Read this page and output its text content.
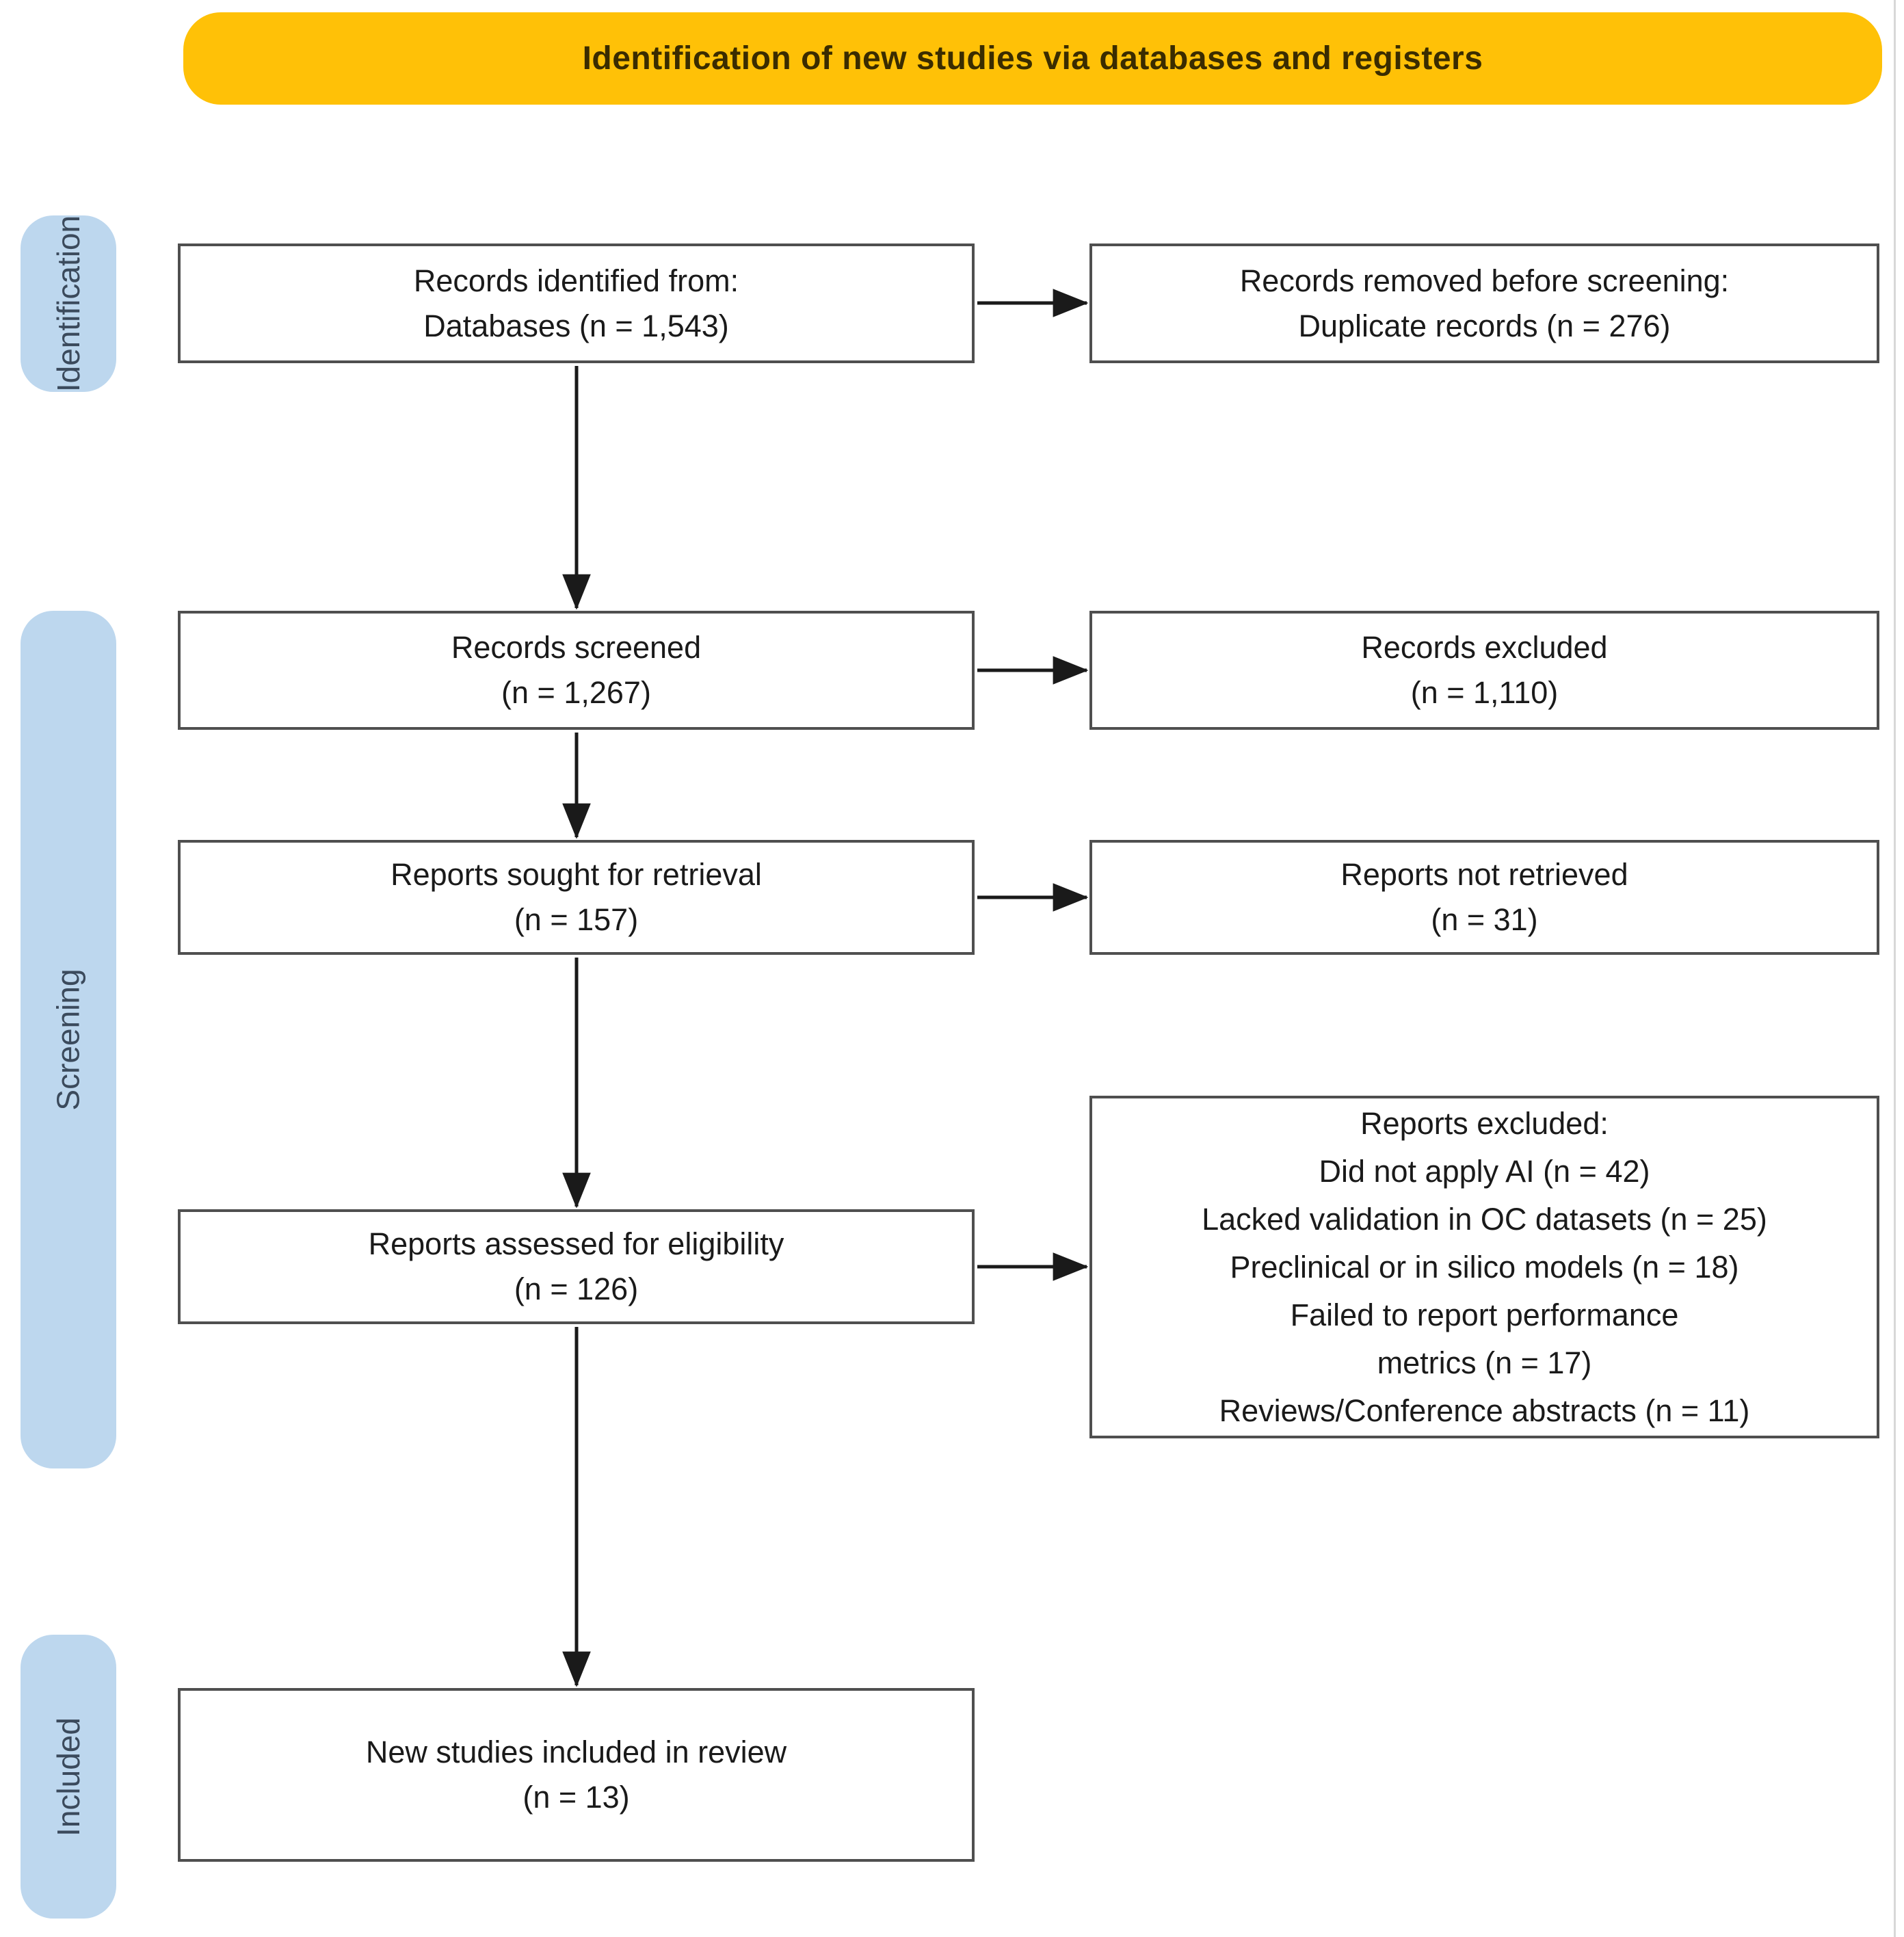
Identification of new studies via databases and registers
Identification
Screening
Included
Records identified from:
Databases (n = 1,543)
Records screened
(n = 1,267)
Reports sought for retrieval
(n = 157)
Reports assessed for eligibility
(n = 126)
New studies included in review
(n = 13)
Records removed before screening:
Duplicate records (n = 276)
Records excluded
(n = 1,110)
Reports not retrieved
(n = 31)
Reports excluded:
Did not apply AI (n = 42)
Lacked validation in OC datasets (n = 25)
Preclinical or in silico models (n = 18)
Failed to report performance
metrics (n = 17)
Reviews/Conference abstracts (n = 11)
